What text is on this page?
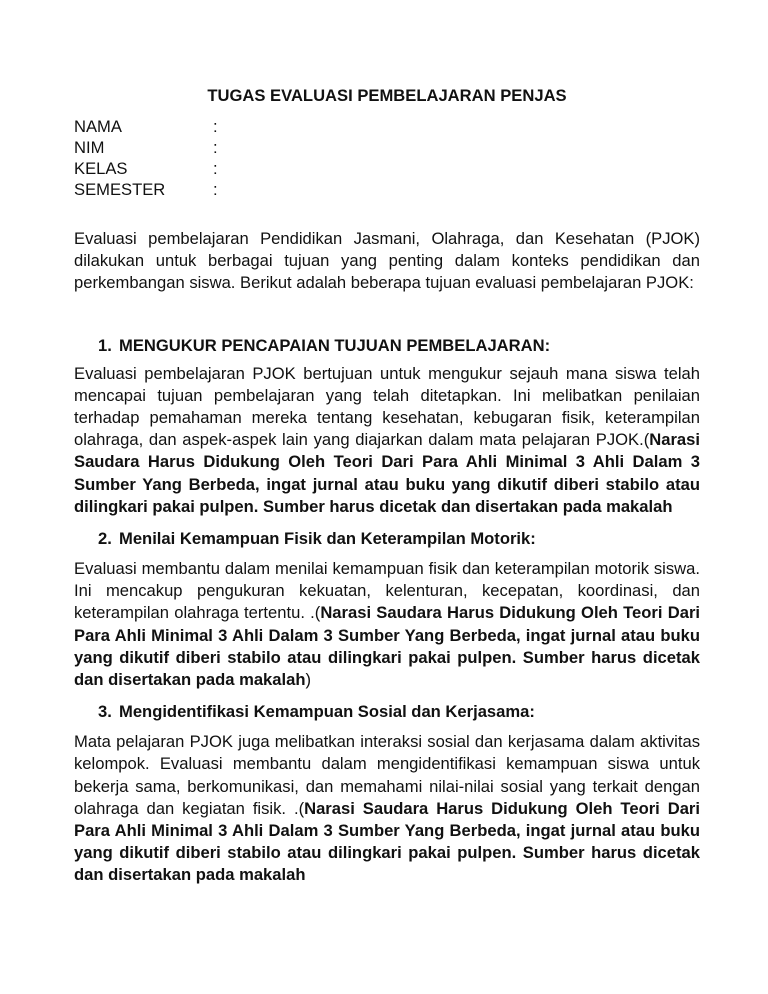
TUGAS EVALUASI PEMBELAJARAN PENJAS
NAMA	:
NIM	:
KELAS	:
SEMESTER	:

Evaluasi pembelajaran Pendidikan Jasmani, Olahraga, dan Kesehatan (PJOK) dilakukan untuk berbagai tujuan yang penting dalam konteks pendidikan dan perkembangan siswa. Berikut adalah beberapa tujuan evaluasi pembelajaran PJOK:

1. MENGUKUR PENCAPAIAN TUJUAN PEMBELAJARAN:

Evaluasi pembelajaran PJOK bertujuan untuk mengukur sejauh mana siswa telah mencapai tujuan pembelajaran yang telah ditetapkan. Ini melibatkan penilaian terhadap pemahaman mereka tentang kesehatan, kebugaran fisik, keterampilan olahraga, dan aspek-aspek lain yang diajarkan dalam mata pelajaran PJOK.(Narasi Saudara Harus Didukung Oleh Teori Dari Para Ahli Minimal 3 Ahli Dalam 3 Sumber Yang Berbeda, ingat jurnal atau buku yang dikutif diberi stabilo atau dilingkari pakai pulpen. Sumber harus dicetak dan disertakan pada makalah

2. Menilai Kemampuan Fisik dan Keterampilan Motorik:

Evaluasi membantu dalam menilai kemampuan fisik dan keterampilan motorik siswa. Ini mencakup pengukuran kekuatan, kelenturan, kecepatan, koordinasi, dan keterampilan olahraga tertentu. .(Narasi Saudara Harus Didukung Oleh Teori Dari Para Ahli Minimal 3 Ahli Dalam 3 Sumber Yang Berbeda, ingat jurnal atau buku yang dikutif diberi stabilo atau dilingkari pakai pulpen. Sumber harus dicetak dan disertakan pada makalah)

3. Mengidentifikasi Kemampuan Sosial dan Kerjasama:

Mata pelajaran PJOK juga melibatkan interaksi sosial dan kerjasama dalam aktivitas kelompok. Evaluasi membantu dalam mengidentifikasi kemampuan siswa untuk bekerja sama, berkomunikasi, dan memahami nilai-nilai sosial yang terkait dengan olahraga dan kegiatan fisik. .(Narasi Saudara Harus Didukung Oleh Teori Dari Para Ahli Minimal 3 Ahli Dalam 3 Sumber Yang Berbeda, ingat jurnal atau buku yang dikutif diberi stabilo atau dilingkari pakai pulpen. Sumber harus dicetak dan disertakan pada makalah
